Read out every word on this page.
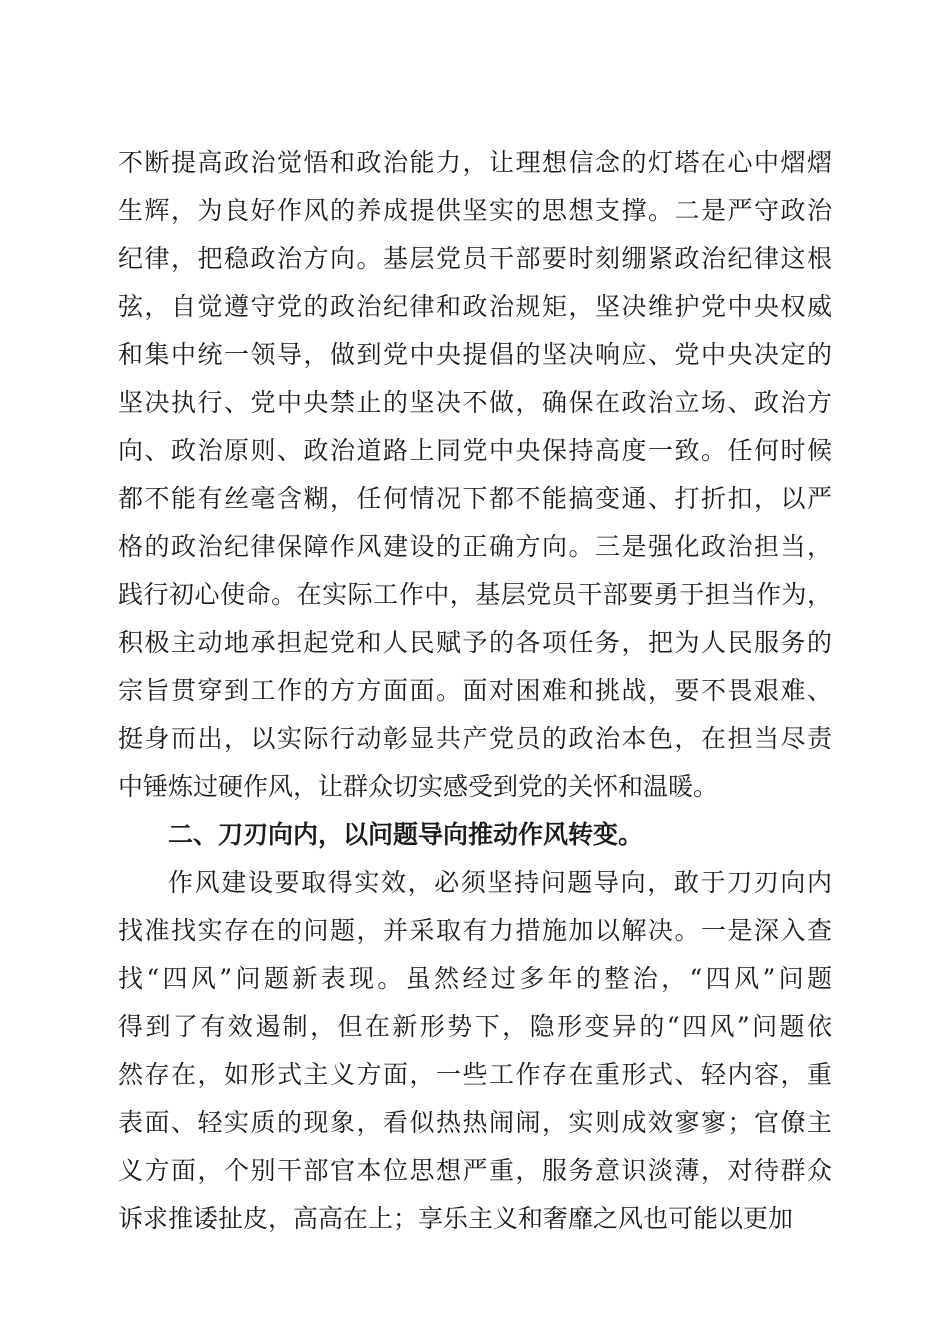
不断提高政治觉悟和政治能力，让理想信念的灯塔在心中熠熠
生辉，为良好作风的养成提供坚实的思想支撑。二是严守政治
纪律，把稳政治方向。基层党员干部要时刻绷紧政治纪律这根
弦，自觉遵守党的政治纪律和政治规矩，坚决维护党中央权威
和集中统一领导，做到党中央提倡的坚决响应、党中央决定的
坚决执行、党中央禁止的坚决不做，确保在政治立场、政治方
向、政治原则、政治道路上同党中央保持高度一致。任何时候
都不能有丝毫含糊，任何情况下都不能搞变通、打折扣，以严
格的政治纪律保障作风建设的正确方向。三是强化政治担当，
践行初心使命。在实际工作中，基层党员干部要勇于担当作为，
积极主动地承担起党和人民赋予的各项任务，把为人民服务的
宗旨贯穿到工作的方方面面。面对困难和挑战，要不畏艰难、
挺身而出，以实际行动彰显共产党员的政治本色，在担当尽责
中锤炼过硬作风，让群众切实感受到党的关怀和温暖。
二、刀刃向内，以问题导向推动作风转变。
作风建设要取得实效，必须坚持问题导向，敢于刀刃向内
找准找实存在的问题，并采取有力措施加以解决。一是深入查
找“四风”问题新表现。虽然经过多年的整治，“四风”问题
得到了有效遏制，但在新形势下，隐形变异的“四风”问题依
然存在，如形式主义方面，一些工作存在重形式、轻内容，重
表面、轻实质的现象，看似热热闹闹，实则成效寥寥；官僚主
义方面，个别干部官本位思想严重，服务意识淡薄，对待群众
诉求推诿扯皮，高高在上；享乐主义和奢靡之风也可能以更加
